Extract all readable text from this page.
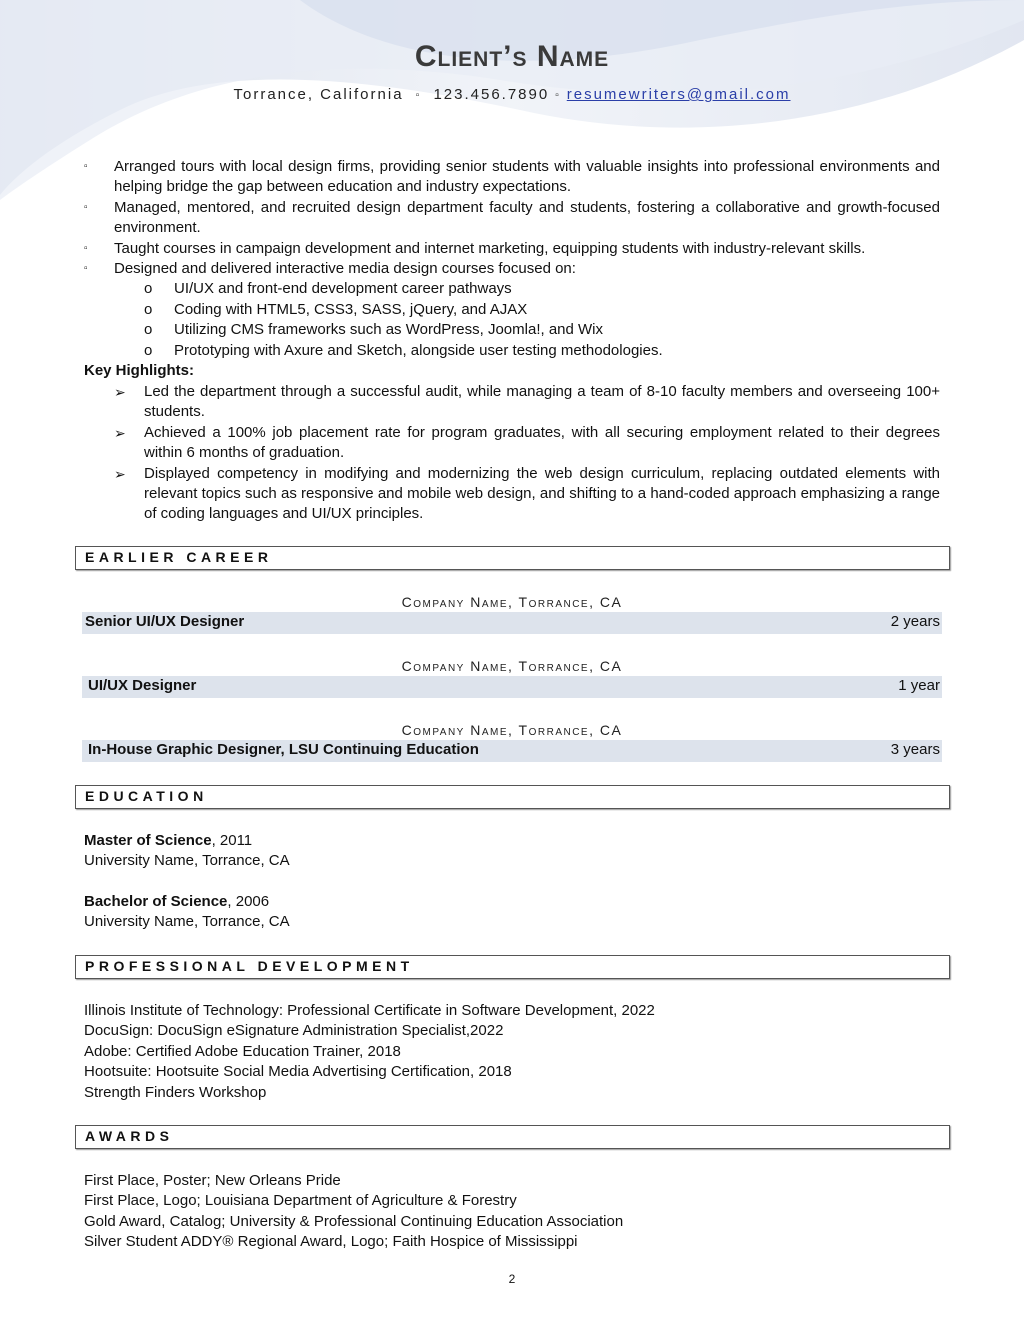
Client’s Name
Torrance, California ▫ 123.456.7890 ▫ resumewriters@gmail.com
▫ Arranged tours with local design firms, providing senior students with valuable insights into professional environments and helping bridge the gap between education and industry expectations.
▫ Managed, mentored, and recruited design department faculty and students, fostering a collaborative and growth-focused environment.
▫ Taught courses in campaign development and internet marketing, equipping students with industry-relevant skills.
▫ Designed and delivered interactive media design courses focused on:
o UI/UX and front-end development career pathways
o Coding with HTML5, CSS3, SASS, jQuery, and AJAX
o Utilizing CMS frameworks such as WordPress, Joomla!, and Wix
o Prototyping with Axure and Sketch, alongside user testing methodologies.
Key Highlights:
➢ Led the department through a successful audit, while managing a team of 8-10 faculty members and overseeing 100+ students.
➢ Achieved a 100% job placement rate for program graduates, with all securing employment related to their degrees within 6 months of graduation.
➢ Displayed competency in modifying and modernizing the web design curriculum, replacing outdated elements with relevant topics such as responsive and mobile web design, and shifting to a hand-coded approach emphasizing a range of coding languages and UI/UX principles.
EARLIER CAREER
Company Name, Torrance, CA
Senior UI/UX Designer	2 years
Company Name, Torrance, CA
UI/UX Designer	1 year
Company Name, Torrance, CA
In-House Graphic Designer, LSU Continuing Education	3 years
EDUCATION
Master of Science, 2011
University Name, Torrance, CA
Bachelor of Science, 2006
University Name, Torrance, CA
PROFESSIONAL DEVELOPMENT
Illinois Institute of Technology: Professional Certificate in Software Development, 2022
DocuSign: DocuSign eSignature Administration Specialist,2022
Adobe: Certified Adobe Education Trainer, 2018
Hootsuite: Hootsuite Social Media Advertising Certification, 2018
Strength Finders Workshop
AWARDS
First Place, Poster; New Orleans Pride
First Place, Logo; Louisiana Department of Agriculture & Forestry
Gold Award, Catalog; University & Professional Continuing Education Association
Silver Student ADDY® Regional Award, Logo; Faith Hospice of Mississippi
2
